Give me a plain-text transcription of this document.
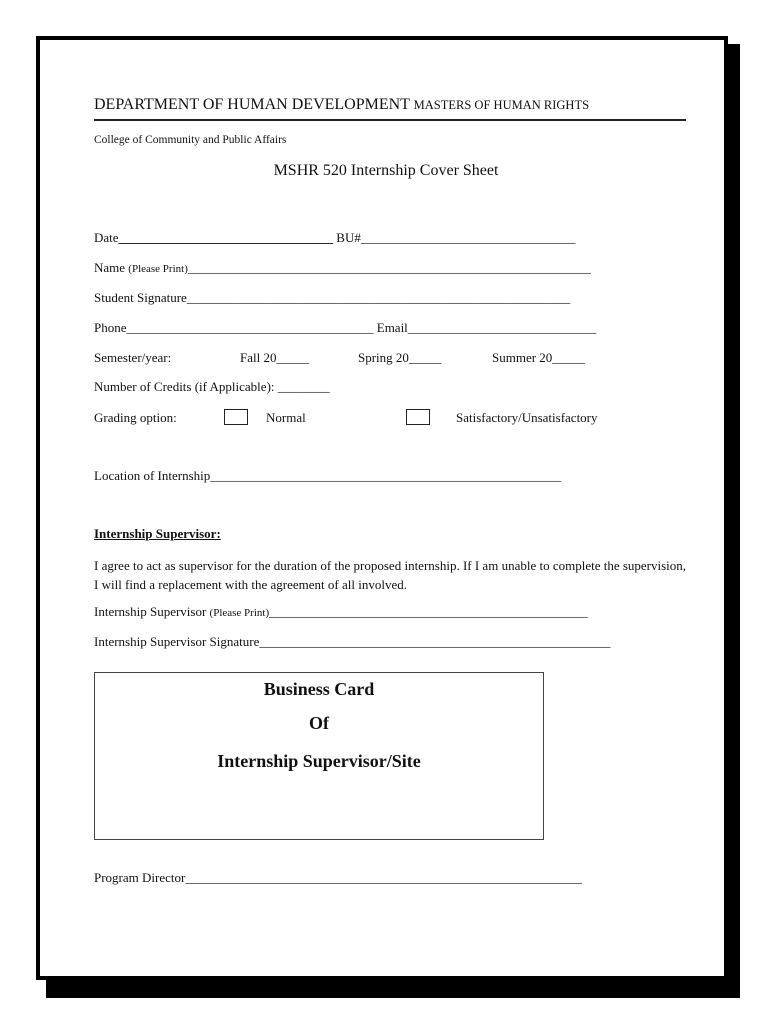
DEPARTMENT OF HUMAN DEVELOPMENT MASTERS OF HUMAN RIGHTS
College of Community and Public Affairs
MSHR 520 Internship Cover Sheet
Date_________________________________ BU#_________________________________
Name (Please Print)______________________________________________________________
Student Signature___________________________________________________________
Phone______________________________________ Email_____________________________
Semester/year:	Fall 20_____	Spring 20_____	Summer 20_____
Number of Credits (if Applicable): ________
Grading option:	Normal	Satisfactory/Unsatisfactory
Location of Internship______________________________________________________
Internship Supervisor:
I agree to act as supervisor for the duration of the proposed internship. If I am unable to complete the supervision, I will find a replacement with the agreement of all involved.
Internship Supervisor (Please Print)_________________________________________________
Internship Supervisor Signature______________________________________________________
Business Card
Of
Internship Supervisor/Site
Program Director_____________________________________________________________
